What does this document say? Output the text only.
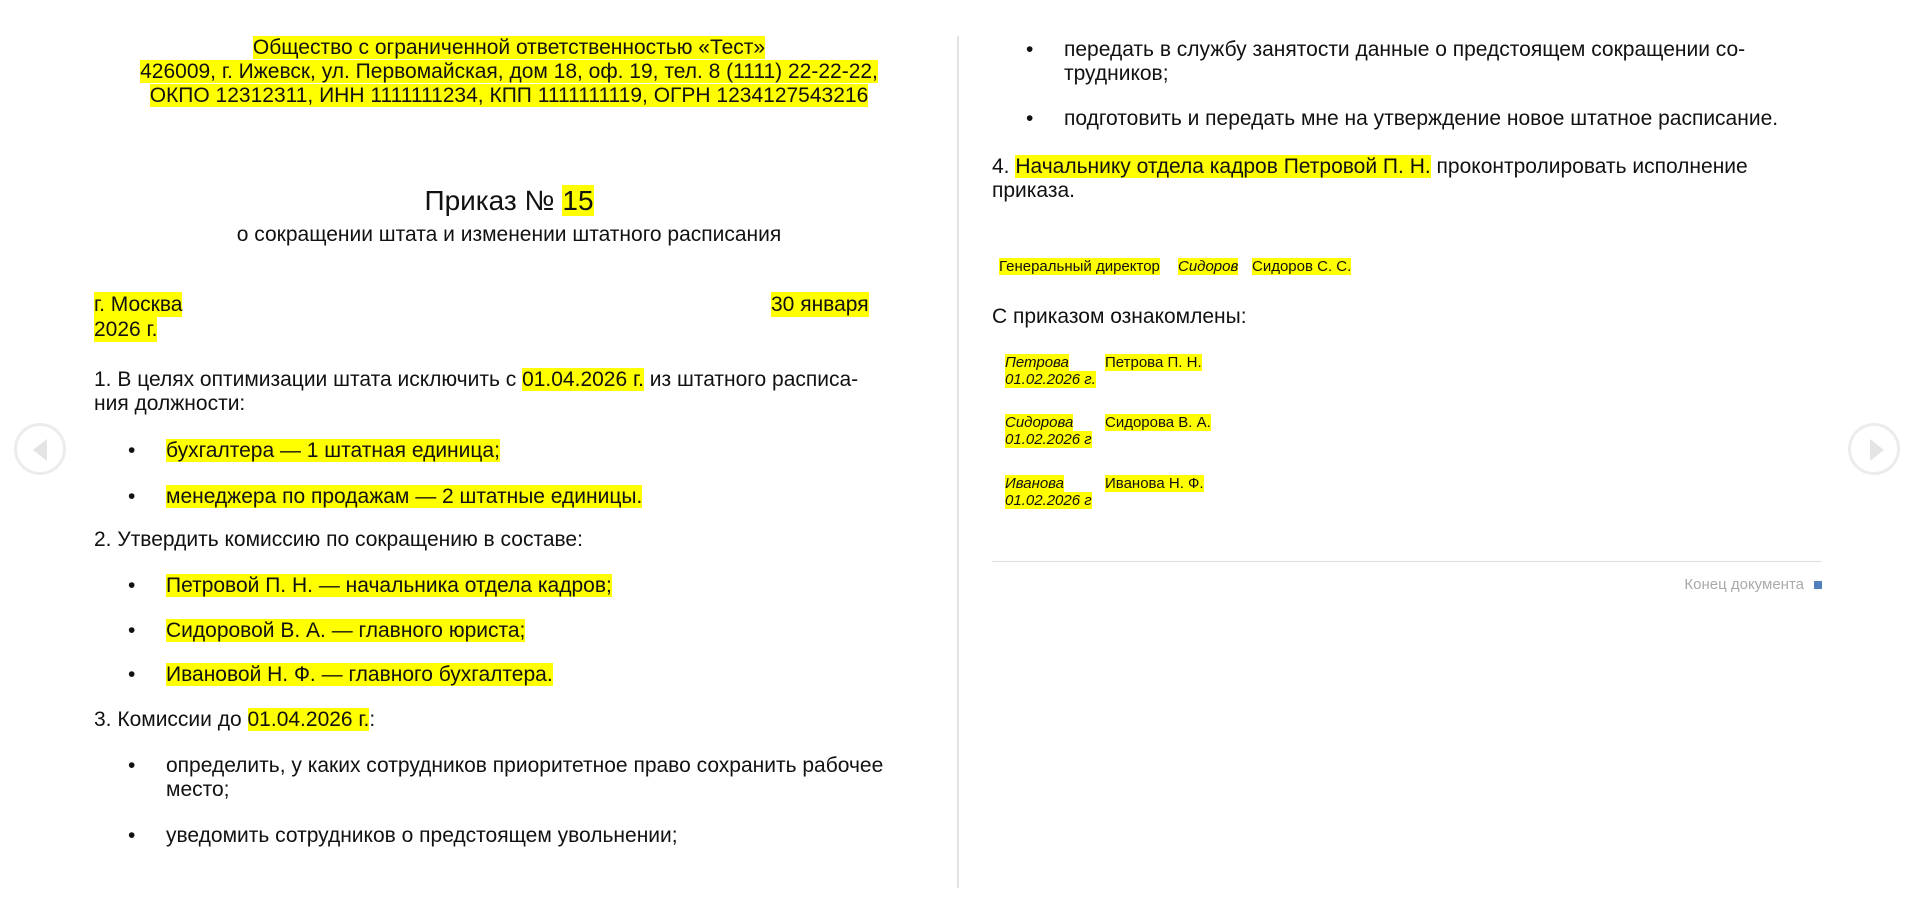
Общество с ограниченной ответственностью «Тест»
426009, г. Ижевск, ул. Первомайская, дом 18, оф. 19, тел. 8 (1111) 22-22-22,
ОКПО 12312311, ИНН 1111111234, КПП 1111111119, ОГРН 1234127543216
Приказ № 15
о сокращении штата и изменении штатного расписания
г. Москва	30 января
2026 г.
1. В целях оптимизации штата исключить с 01.04.2026 г. из штатного расписа-
ния должности:
• бухгалтера — 1 штатная единица;
• менеджера по продажам — 2 штатные единицы.
2. Утвердить комиссию по сокращению в составе:
• Петровой П. Н. — начальника отдела кадров;
• Сидоровой В. А. — главного юриста;
• Ивановой Н. Ф. — главного бухгалтера.
3. Комиссии до 01.04.2026 г.:
• определить, у каких сотрудников приоритетное право сохранить рабочее
место;
• уведомить сотрудников о предстоящем увольнении;
• передать в службу занятости данные о предстоящем сокращении со-
трудников;
• подготовить и передать мне на утверждение новое штатное расписание.
4. Начальнику отдела кадров Петровой П. Н. проконтролировать исполнение
приказа.
Генеральный директор Сидоров Сидоров С. С.
С приказом ознакомлены:
Петрова
01.02.2026 г.
Петрова П. Н.
Сидорова
01.02.2026 г
Сидорова В. А.
Иванова
01.02.2026 г
Иванова Н. Ф.
Конец документа
